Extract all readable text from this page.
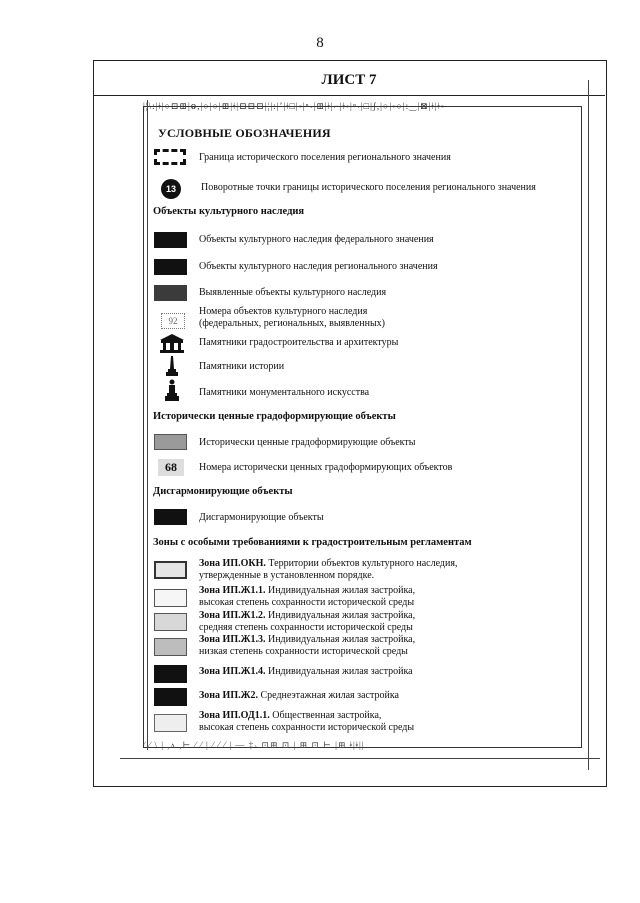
8
ЛИСТ 7
|¦\:|ǂ|○⊡⊞|ⱺ,|○|○|⊞|ǂ|⊟⊟⊡|¦|:|ʼ|ǂ□|◦|ⁿ˴|⊞|ǂ|⌐|ǂ◦|ᵠ˴|□|ʃ,|○|◦○|:‿|⊠|ǂ|ǂ◦
⁄ ⁄ \ | ,ᴧ ,⊢ ⁄ ⁄ | ⁄ ⁄ ⁄ | — ‡˴ ⊡⊞ ⊡ | ⊞ ⊡ ⊢ |⊞ ǂ|ǂ||
УСЛОВНЫЕ ОБОЗНАЧЕНИЯ
Граница исторического поселения регионального значения
13	Поворотные точки границы исторического поселения регионального значения
Объекты культурного наследия
Объекты культурного наследия федерального значения
Объекты культурного наследия регионального значения
Выявленные объекты культурного наследия
92
Номера объектов культурного наследия
(федеральных, региональных, выявленных)
Памятники градостроительства и архитектуры
Памятники истории
Памятники монументального искусства
Исторически ценные градоформирующие объекты
Исторически ценные градоформирующие объекты
68	Номера исторически ценных градоформирующих объектов
Дисгармонирующие объекты
Дисгармонирующие объекты
Зоны с особыми требованиями к градостроительным регламентам
Зона ИП.ОКН. Территории объектов культурного наследия,
утвержденные в установленном порядке.
Зона ИП.Ж1.1. Индивидуальная жилая застройка,
высокая степень сохранности исторической среды
Зона ИП.Ж1.2. Индивидуальная жилая застройка,
средняя степень сохранности исторической среды
Зона ИП.Ж1.3. Индивидуальная жилая застройка,
низкая степень сохранности исторической среды
Зона ИП.Ж1.4. Индивидуальная жилая застройка
Зона ИП.Ж2. Среднеэтажная жилая застройка
Зона ИП.ОД1.1. Общественная застройка,
высокая степень сохранности исторической среды
